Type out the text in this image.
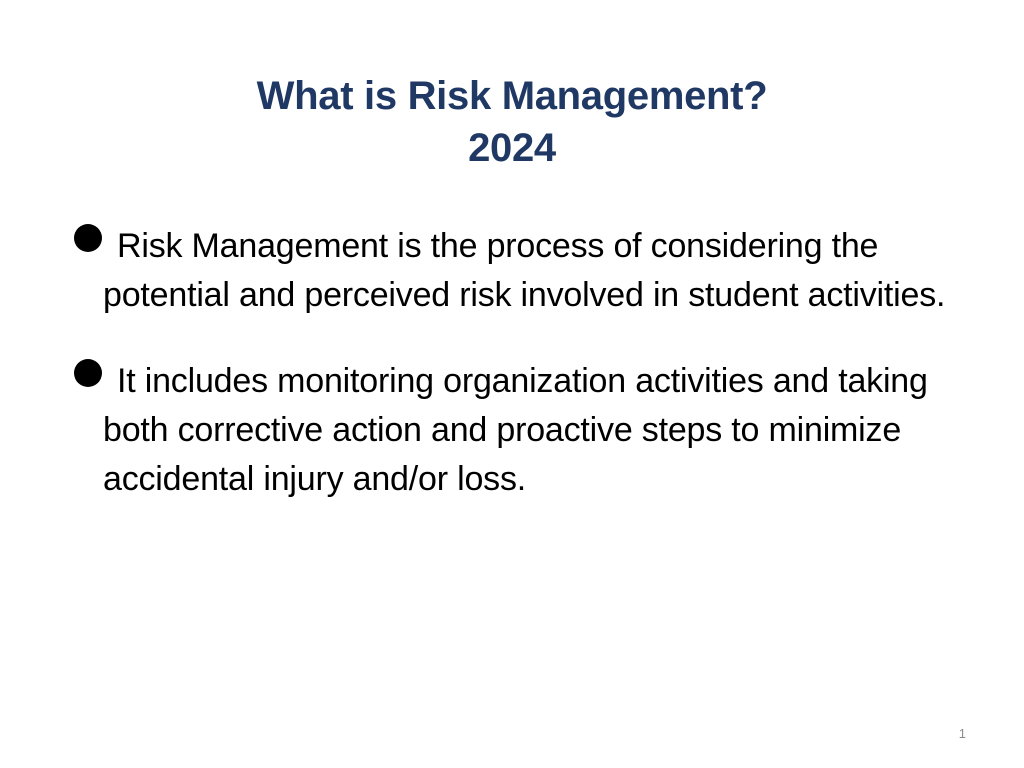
What is Risk Management?
2024
Risk Management is the process of considering the potential and perceived risk involved in student activities.
It includes monitoring organization activities and taking both corrective action and proactive steps to minimize accidental injury and/or loss.
1
